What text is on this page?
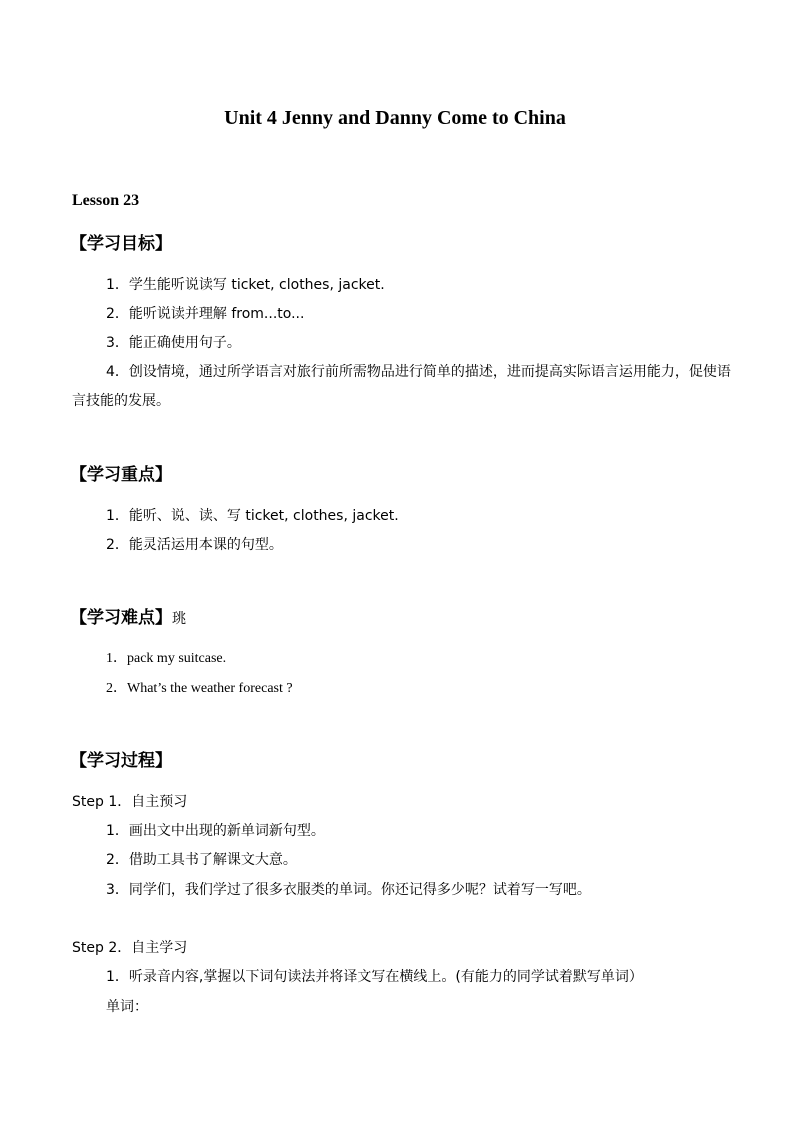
Unit 4 Jenny and Danny Come to China
Lesson 23
【学习目标】
1．学生能听说读写 ticket, clothes, jacket.
2．能听说读并理解 from...to...
3．能正确使用句子。
4．创设情境，通过所学语言对旅行前所需物品进行简单的描述，进而提高实际语言运用能力，促使语言技能的发展。
【学习重点】
1．能听、说、读、写 ticket, clothes, jacket.
2．能灵活运用本课的句型。
【学习难点】珧
1．pack my suitcase.
2．What’s the weather forecast ?
【学习过程】
Step 1．自主预习
1．画出文中出现的新单词新句型。
2．借助工具书了解课文大意。
3．同学们，我们学过了很多衣服类的单词。你还记得多少呢？试着写一写吧。
Step 2．自主学习
1．听录音内容,掌握以下词句读法并将译文写在横线上。(有能力的同学试着默写单词）
单词：
